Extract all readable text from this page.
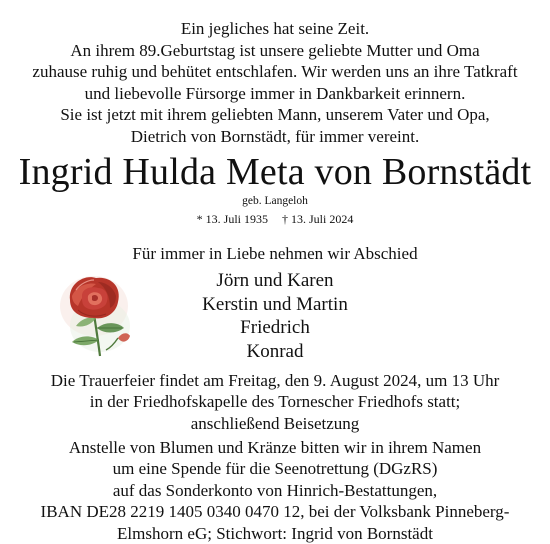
Ein jegliches hat seine Zeit.
An ihrem 89.Geburtstag ist unsere geliebte Mutter und Oma
zuhause ruhig und behütet entschlafen. Wir werden uns an ihre Tatkraft
und liebevolle Fürsorge immer in Dankbarkeit erinnern.
Sie ist jetzt mit ihrem geliebten Mann, unserem Vater und Opa,
Dietrich von Bornstädt, für immer vereint.
Ingrid Hulda Meta von Bornstädt
geb. Langeloh
* 13. Juli 1935 † 13. Juli 2024
Für immer in Liebe nehmen wir Abschied
Jörn und Karen
Kerstin und Martin
Friedrich
Konrad
Die Trauerfeier findet am Freitag, den 9. August 2024, um 13 Uhr
in der Friedhofskapelle des Tornescher Friedhofs statt;
anschließend Beisetzung
Anstelle von Blumen und Kränze bitten wir in ihrem Namen
um eine Spende für die Seenotrettung (DGzRS)
auf das Sonderkonto von Hinrich-Bestattungen,
IBAN DE28 2219 1405 0340 0470 12, bei der Volksbank Pinneberg-
Elmshorn eG; Stichwort: Ingrid von Bornstädt
